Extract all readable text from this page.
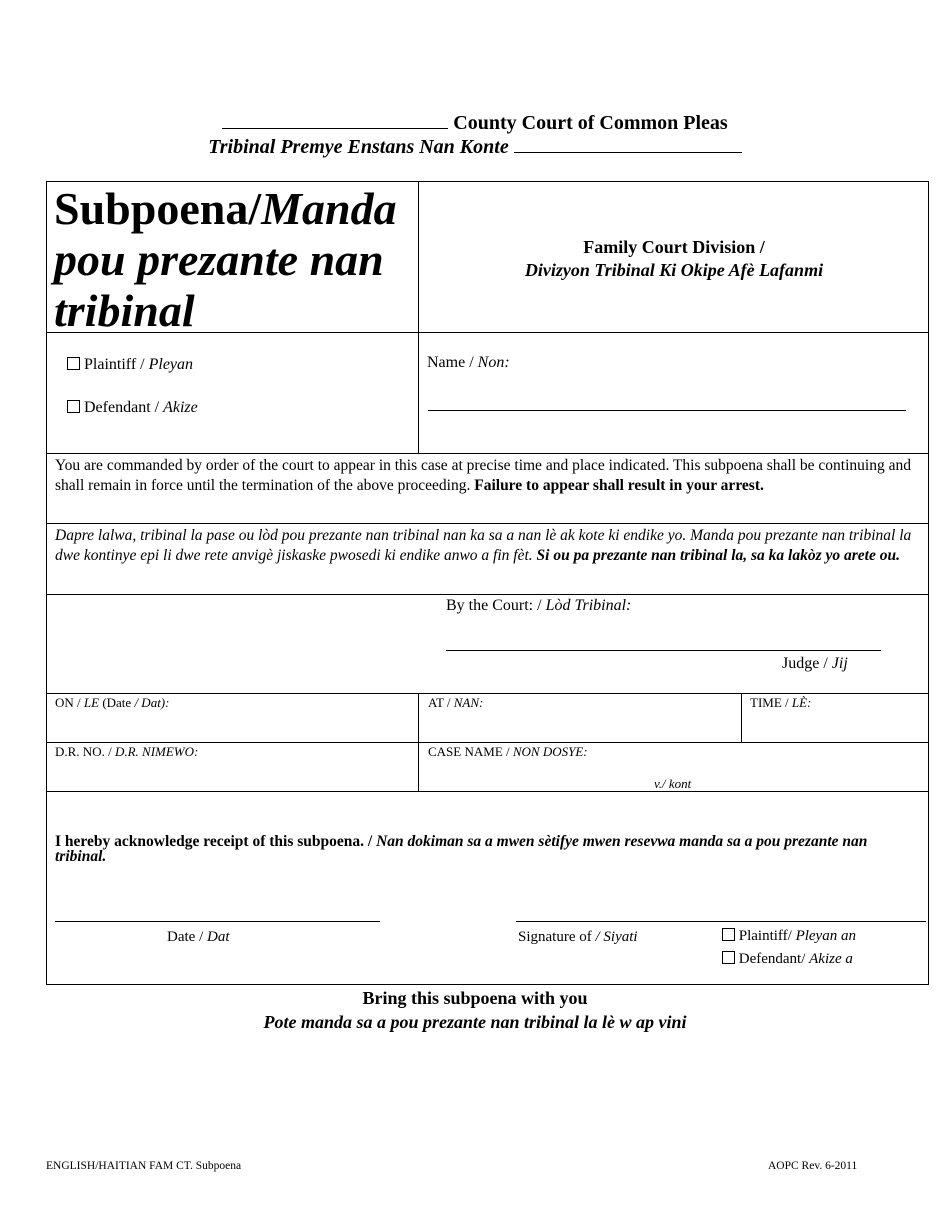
County Court of Common Pleas
Tribinal Premye Enstans Nan Konte
Subpoena/Manda pou prezante nan tribinal
Family Court Division /
Divizyon Tribinal Ki Okipe Afè Lafanmi
Plaintiff / Pleyan
Defendant / Akize
Name / Non:
You are commanded by order of the court to appear in this case at precise time and place indicated. This subpoena shall be continuing and shall remain in force until the termination of the above proceeding. Failure to appear shall result in your arrest.
Dapre lalwa, tribinal la pase ou lòd pou prezante nan tribinal nan ka sa a nan lè ak kote ki endike yo. Manda pou prezante nan tribinal la dwe kontinye epi li dwe rete anvigè jiskaske pwosedi ki endike anwo a fin fèt. Si ou pa prezante nan tribinal la, sa ka lakòz yo arete ou.
By the Court: / Lòd Tribinal:
Judge / Jij
ON / LE (Date / Dat):	AT / NAN:	TIME / LÈ:
D.R. NO. / D.R. NIMEWO:	CASE NAME / NON DOSYE:
v./ kont
I hereby acknowledge receipt of this subpoena. / Nan dokiman sa a mwen sètifye mwen resevwa manda sa a pou prezante nan tribinal.
Date / Dat	Signature of / Siyati	Plaintiff/ Pleyan an
Defendant/ Akize a
Bring this subpoena with you
Pote manda sa a pou prezante nan tribinal la lè w ap vini
ENGLISH/HAITIAN FAM CT. Subpoena	AOPC Rev. 6-2011
